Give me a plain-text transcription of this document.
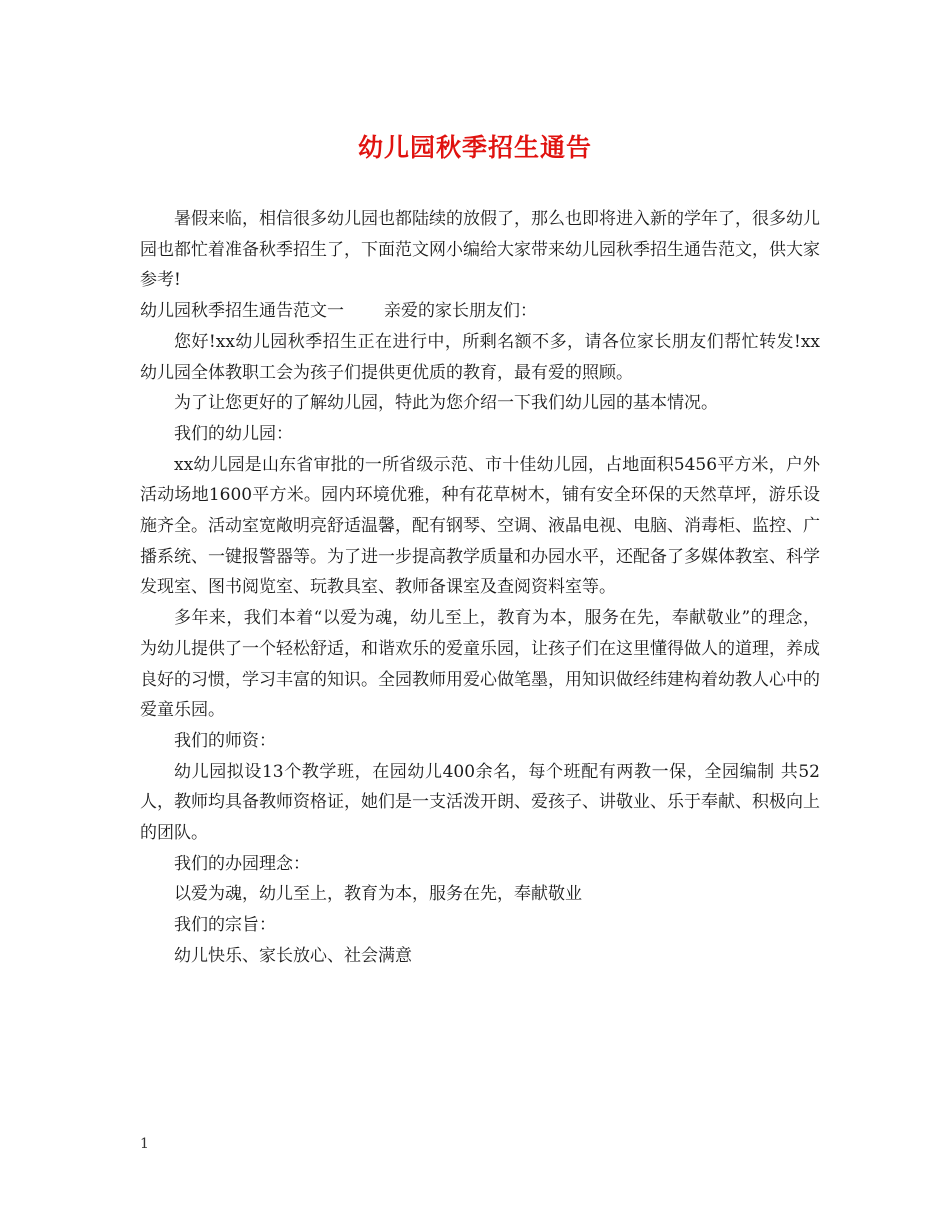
幼儿园秋季招生通告

暑假来临，相信很多幼儿园也都陆续的放假了，那么也即将进入新的学年了，很多幼儿园也都忙着准备秋季招生了，下面范文网小编给大家带来幼儿园秋季招生通告范文，供大家参考!

幼儿园秋季招生通告范文一 亲爱的家长朋友们：

您好!xx幼儿园秋季招生正在进行中，所剩名额不多，请各位家长朋友们帮忙转发!xx幼儿园全体教职工会为孩子们提供更优质的教育，最有爱的照顾。

为了让您更好的了解幼儿园，特此为您介绍一下我们幼儿园的基本情况。

我们的幼儿园：

xx幼儿园是山东省审批的一所省级示范、市十佳幼儿园，占地面积5456平方米，户外活动场地1600平方米。园内环境优雅，种有花草树木，铺有安全环保的天然草坪，游乐设施齐全。活动室宽敞明亮舒适温馨，配有钢琴、空调、液晶电视、电脑、消毒柜、监控、广播系统、一键报警器等。为了进一步提高教学质量和办园水平，还配备了多媒体教室、科学发现室、图书阅览室、玩教具室、教师备课室及查阅资料室等。

多年来，我们本着“以爱为魂，幼儿至上，教育为本，服务在先，奉献敬业”的理念，为幼儿提供了一个轻松舒适，和谐欢乐的爱童乐园，让孩子们在这里懂得做人的道理，养成良好的习惯，学习丰富的知识。全园教师用爱心做笔墨，用知识做经纬建构着幼教人心中的爱童乐园。

我们的师资：

幼儿园拟设13个教学班，在园幼儿400余名，每个班配有两教一保，全园编制 共52人，教师均具备教师资格证，她们是一支活泼开朗、爱孩子、讲敬业、乐于奉献、积极向上的团队。

我们的办园理念：

以爱为魂，幼儿至上，教育为本，服务在先，奉献敬业

我们的宗旨：

幼儿快乐、家长放心、社会满意

1
